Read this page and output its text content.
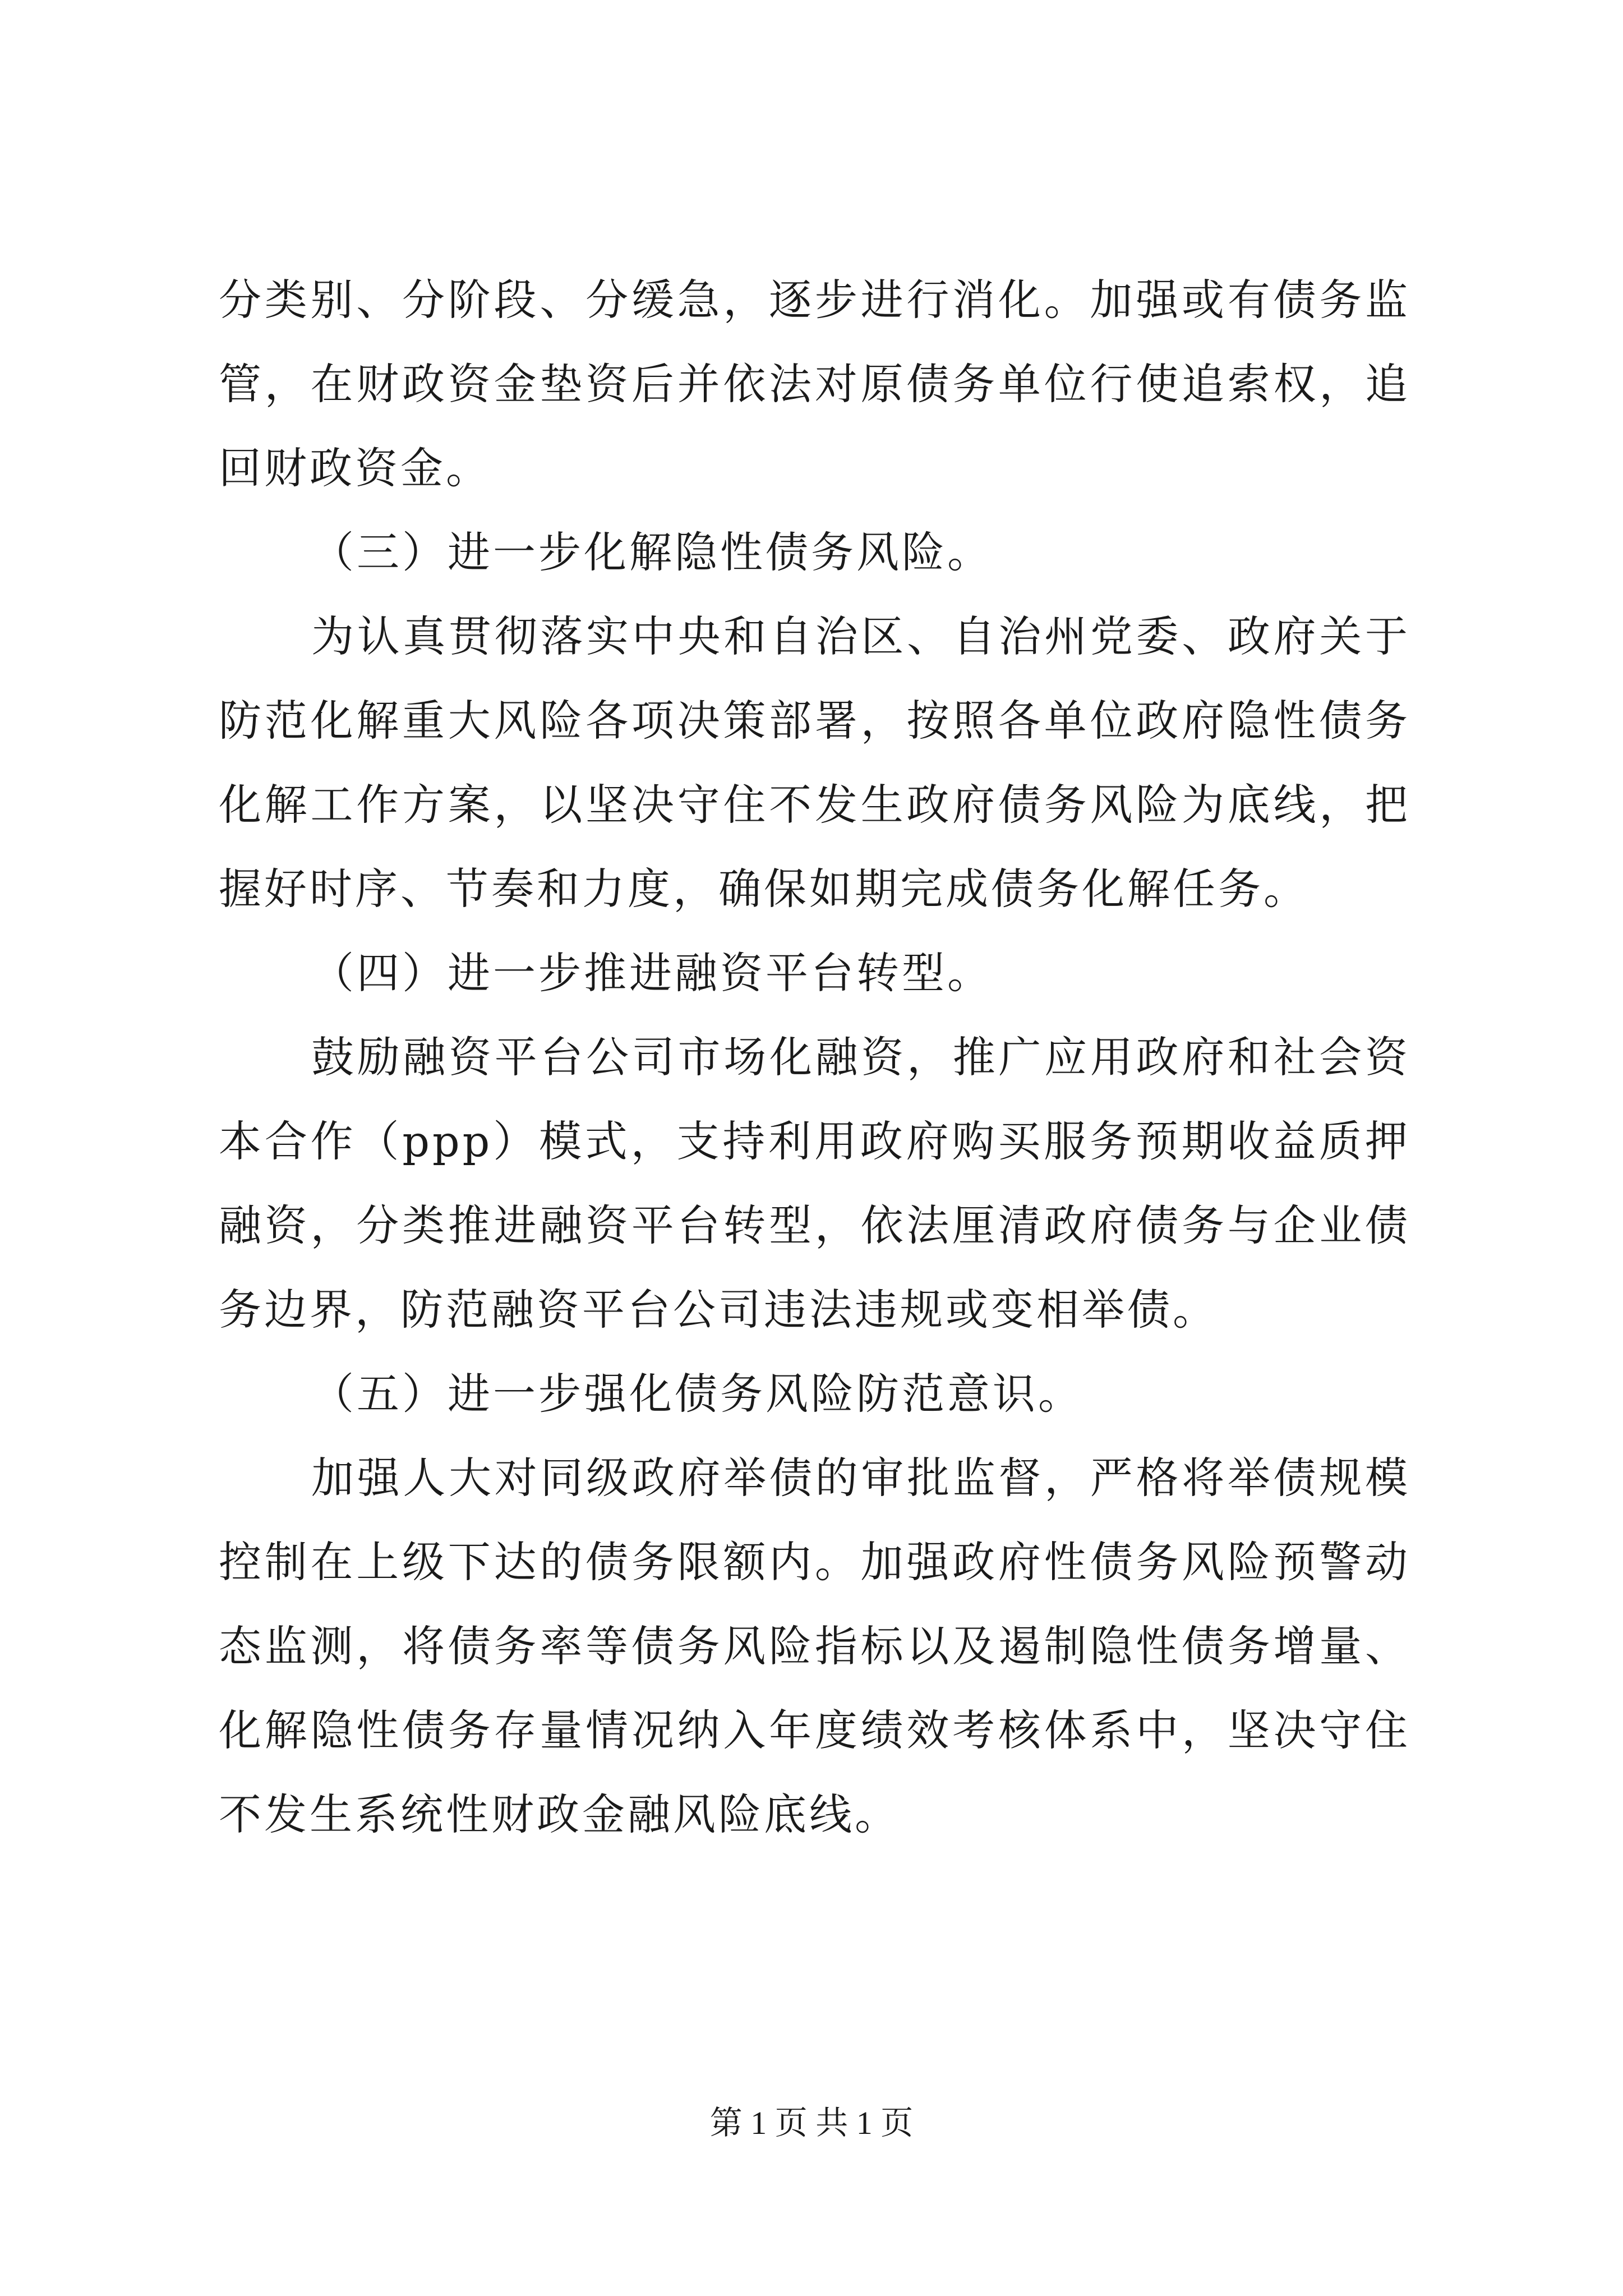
分类别、分阶段、分缓急，逐步进行消化。加强或有债务监管，在财政资金垫资后并依法对原债务单位行使追索权，追回财政资金。

（三）进一步化解隐性债务风险。

为认真贯彻落实中央和自治区、自治州党委、政府关于防范化解重大风险各项决策部署，按照各单位政府隐性债务化解工作方案，以坚决守住不发生政府债务风险为底线，把握好时序、节奏和力度，确保如期完成债务化解任务。

（四）进一步推进融资平台转型。

鼓励融资平台公司市场化融资，推广应用政府和社会资本合作（ppp）模式，支持利用政府购买服务预期收益质押融资，分类推进融资平台转型，依法厘清政府债务与企业债务边界，防范融资平台公司违法违规或变相举债。

（五）进一步强化债务风险防范意识。

加强人大对同级政府举债的审批监督，严格将举债规模控制在上级下达的债务限额内。加强政府性债务风险预警动态监测，将债务率等债务风险指标以及遏制隐性债务增量、化解隐性债务存量情况纳入年度绩效考核体系中，坚决守住不发生系统性财政金融风险底线。

第 1 页 共 1 页
